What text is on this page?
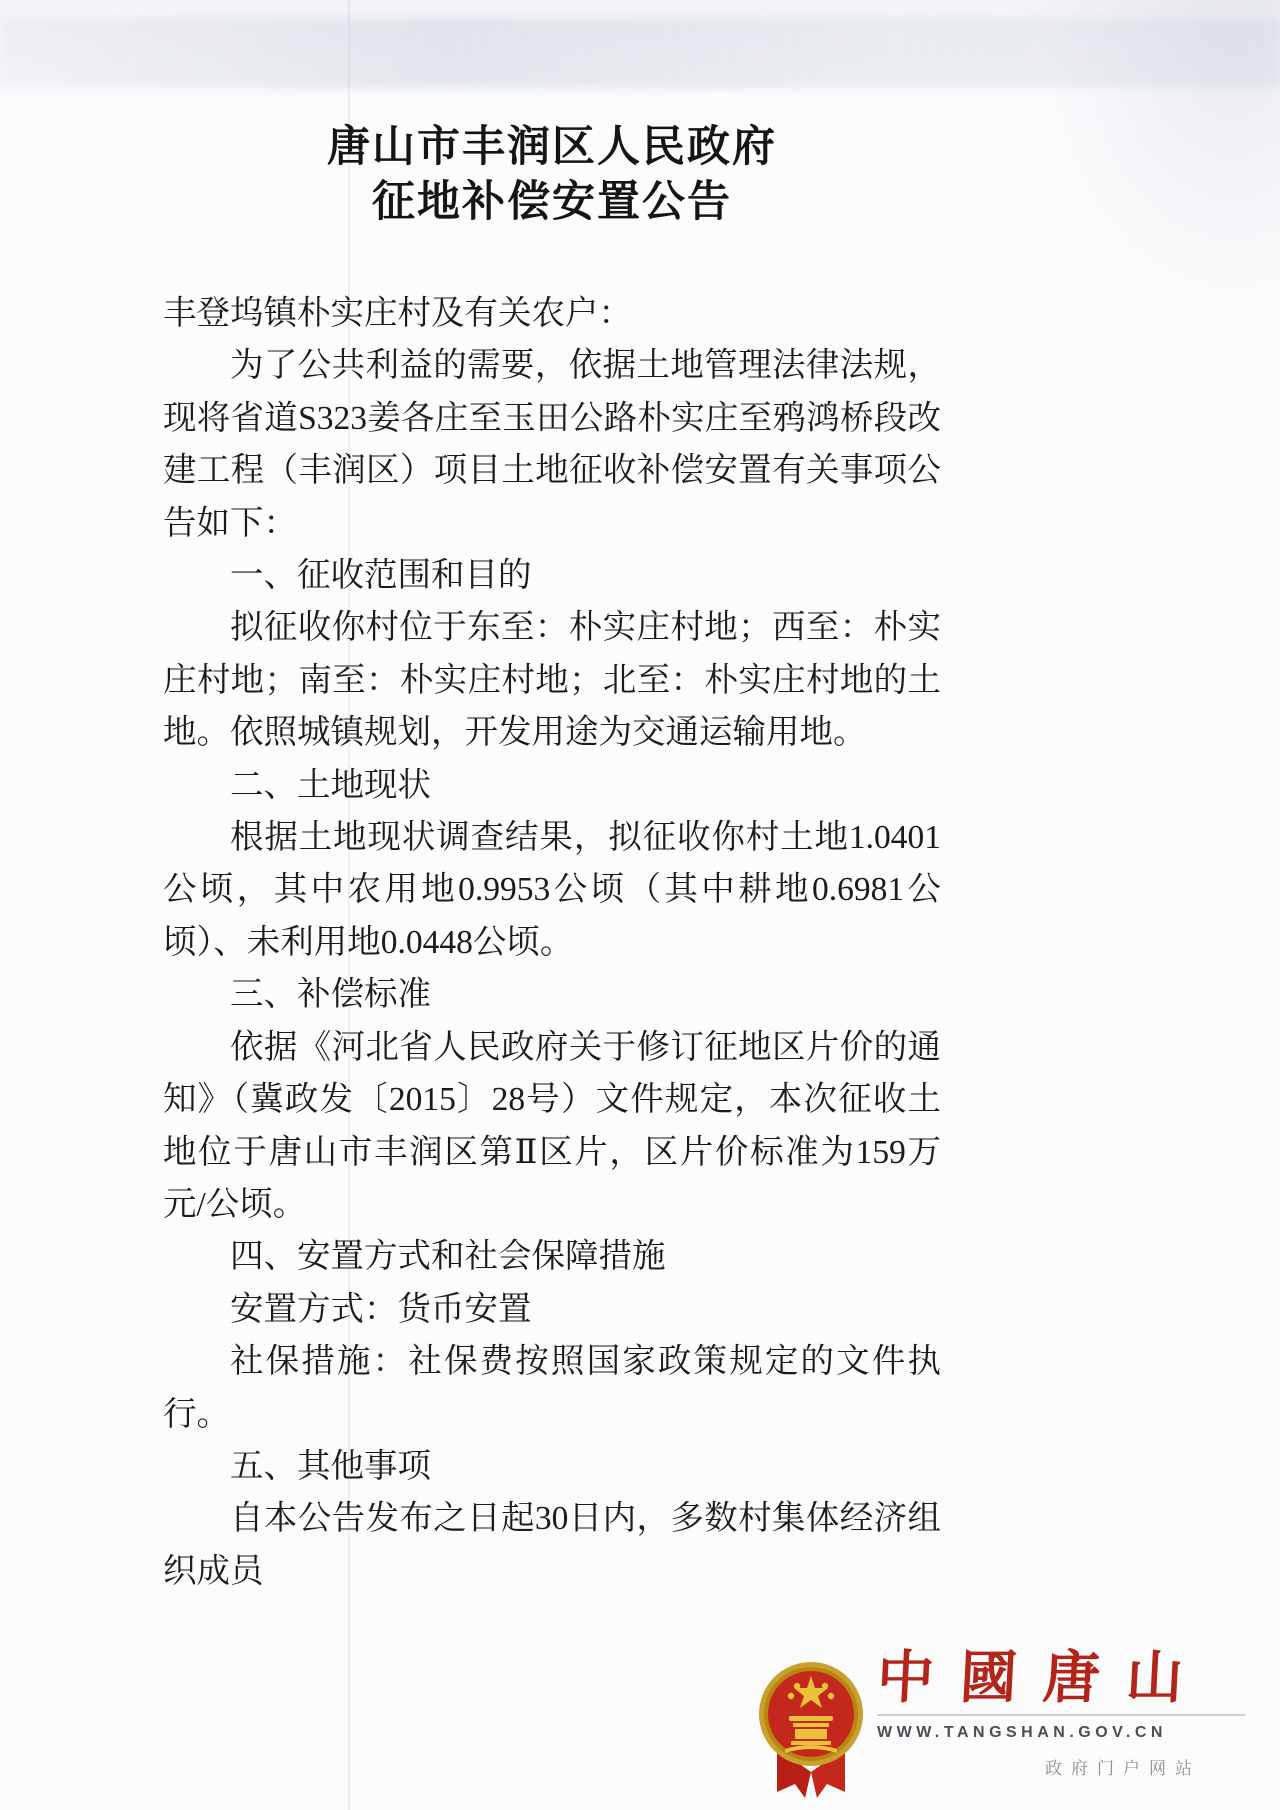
唐山市丰润区人民政府
征地补偿安置公告

丰登坞镇朴实庄村及有关农户：

为了公共利益的需要，依据土地管理法律法规，现将省道S323姜各庄至玉田公路朴实庄至鸦鸿桥段改建工程（丰润区）项目土地征收补偿安置有关事项公告如下：

一、征收范围和目的

拟征收你村位于东至：朴实庄村地；西至：朴实庄村地；南至：朴实庄村地；北至：朴实庄村地的土地。依照城镇规划，开发用途为交通运输用地。

二、土地现状

根据土地现状调查结果，拟征收你村土地1.0401公顷，其中农用地0.9953公顷（其中耕地0.6981公顷）、未利用地0.0448公顷。

三、补偿标准

依据《河北省人民政府关于修订征地区片价的通知》（冀政发〔2015〕28号）文件规定，本次征收土地位于唐山市丰润区第Ⅱ区片，区片价标准为159万元/公顷。

四、安置方式和社会保障措施

安置方式：货币安置

社保措施：社保费按照国家政策规定的文件执行。

五、其他事项

自本公告发布之日起30日内，多数村集体经济组织成员

中國唐山
WWW.TANGSHAN.GOV.CN
政府门户网站
